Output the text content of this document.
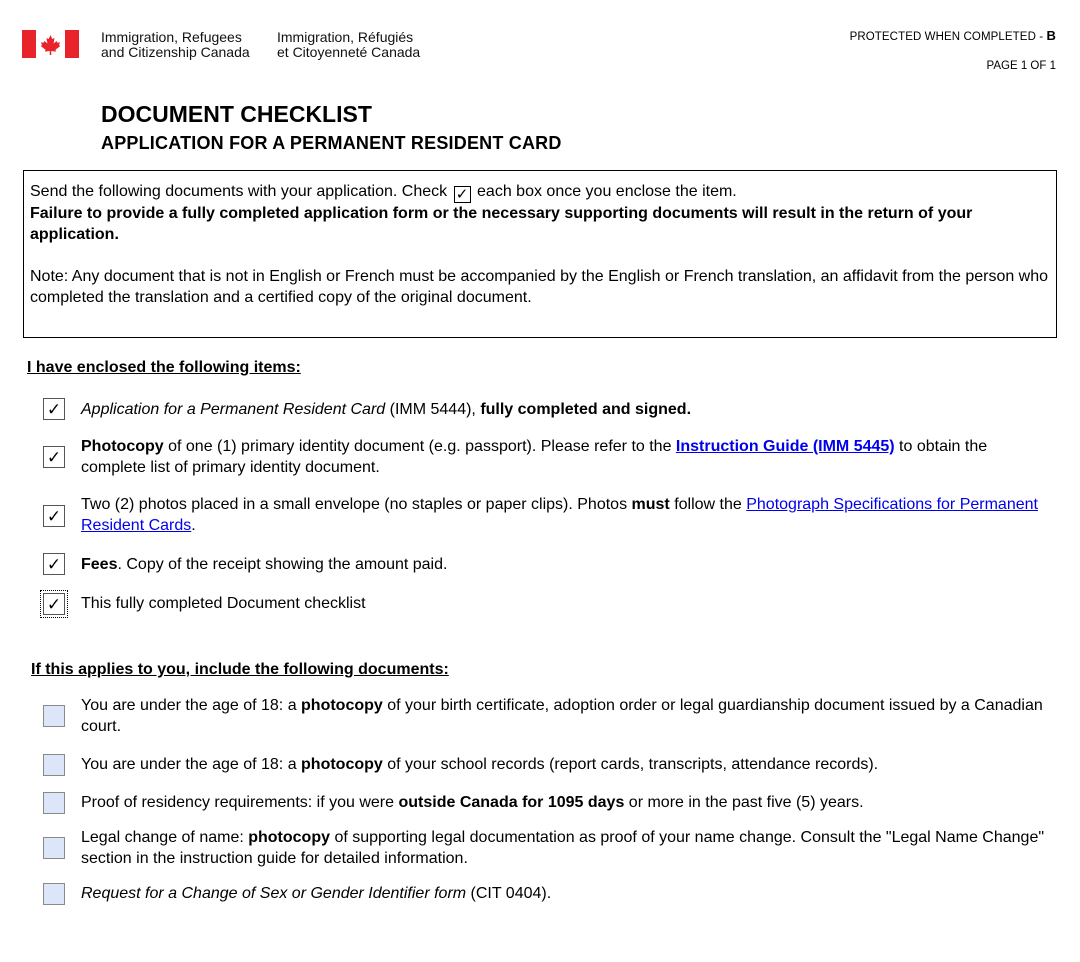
Immigration, Refugees
and Citizenship Canada
Immigration, Réfugiés
et Citoyenneté Canada
PROTECTED WHEN COMPLETED - B
PAGE 1 OF 1
DOCUMENT CHECKLIST
APPLICATION FOR A PERMANENT RESIDENT CARD

Send the following documents with your application. Check ✓ each box once you enclose the item.

Failure to provide a fully completed application form or the necessary supporting documents will result in the return of your application.

Note: Any document that is not in English or French must be accompanied by the English or French translation, an affidavit from the person who completed the translation and a certified copy of the original document.

I have enclosed the following items:
✓ Application for a Permanent Resident Card (IMM 5444), fully completed and signed.
✓
Photocopy of one (1) primary identity document (e.g. passport). Please refer to the Instruction Guide (IMM 5445) to obtain the complete list of primary identity document.
✓
Two (2) photos placed in a small envelope (no staples or paper clips). Photos must follow the Photograph Specifications for Permanent Resident Cards.
✓ Fees. Copy of the receipt showing the amount paid.
✓ This fully completed Document checklist
If this applies to you, include the following documents:
You are under the age of 18: a photocopy of your birth certificate, adoption order or legal guardianship document issued by a Canadian court.
You are under the age of 18: a photocopy of your school records (report cards, transcripts, attendance records).
Proof of residency requirements: if you were outside Canada for 1095 days or more in the past five (5) years.
Legal change of name: photocopy of supporting legal documentation as proof of your name change. Consult the "Legal Name Change" section in the instruction guide for detailed information.
Request for a Change of Sex or Gender Identifier form (CIT 0404).
